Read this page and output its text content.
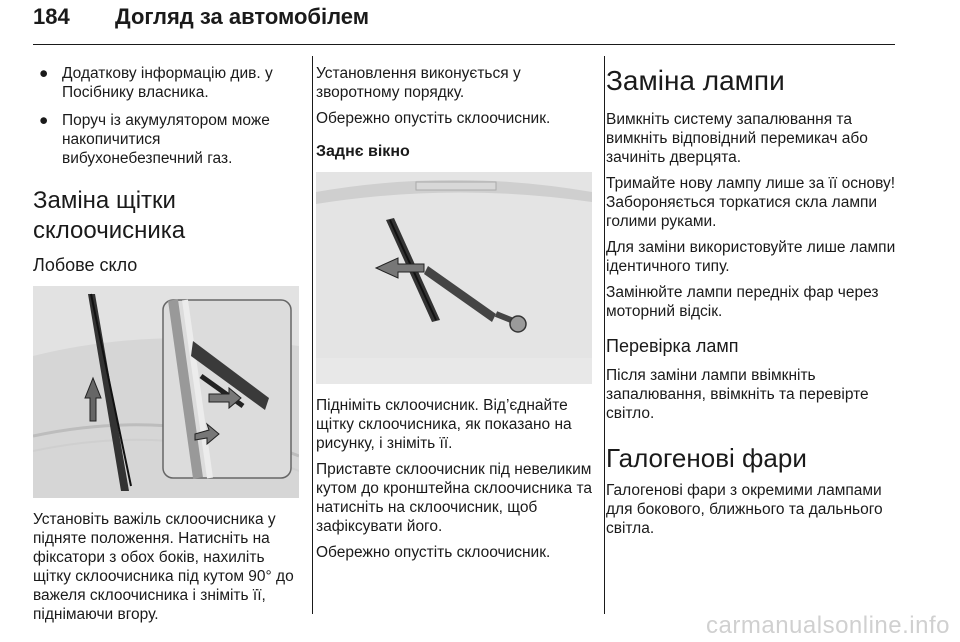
184 Догляд за автомобілем
● Додаткову інформацію див. у Посібнику власника.
● Поруч із акумулятором може накопичитися вибухонебезпечний газ.
Заміна щітки
склоочисника
Лобове скло

Установіть важіль склоочисника у підняте положення. Натисніть на фіксатори з обох боків, нахиліть щітку склоочисника під кутом 90° до важеля склоочисника і зніміть її, піднімаючи вгору.

Установлення виконується у зворотному порядку.

Обережно опустіть склоочисник.

Заднє вікно

Підніміть склоочисник. Від’єднайте щітку склоочисника, як показано на рисунку, і зніміть її.

Приставте склоочисник під невеликим кутом до кронштейна склоочисника та натисніть на склоочисник, щоб зафіксувати його.

Обережно опустіть склоочисник.

Заміна лампи

Вимкніть систему запалювання та вимкніть відповідний перемикач або зачиніть дверцята.

Тримайте нову лампу лише за її основу! Забороняється торкатися скла лампи голими руками.

Для заміни використовуйте лише лампи ідентичного типу.

Замінюйте лампи передніх фар через моторний відсік.

Перевірка ламп

Після заміни лампи ввімкніть запалювання, ввімкніть та перевірте світло.

Галогенові фари

Галогенові фари з окремими лампами для бокового, ближнього та дальнього світла.

carmanualsonline.info
